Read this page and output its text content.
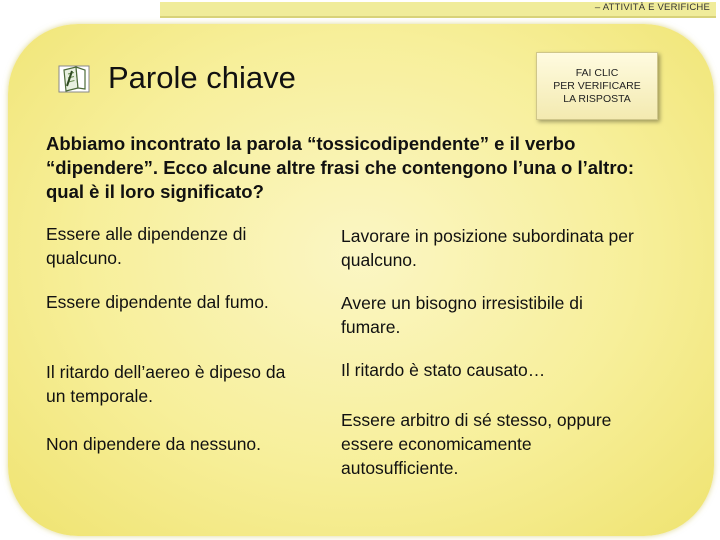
– ATTIVITÀ E VERIFICHE
Parole chiave	FAI CLIC
PER VERIFICARE
LA RISPOSTA
Abbiamo incontrato la parola “tossicodipendente” e il verbo “dipendere”. Ecco alcune altre frasi che contengono l’una o l’altro: qual è il loro significato?
Essere alle dipendenze di qualcuno.
Essere dipendente dal fumo.
Il ritardo dell’aereo è dipeso da un temporale.
Non dipendere da nessuno.
Lavorare in posizione subordinata per qualcuno.
Avere un bisogno irresistibile di fumare.
Il ritardo è stato causato…
Essere arbitro di sé stesso, oppure essere economicamente autosufficiente.
